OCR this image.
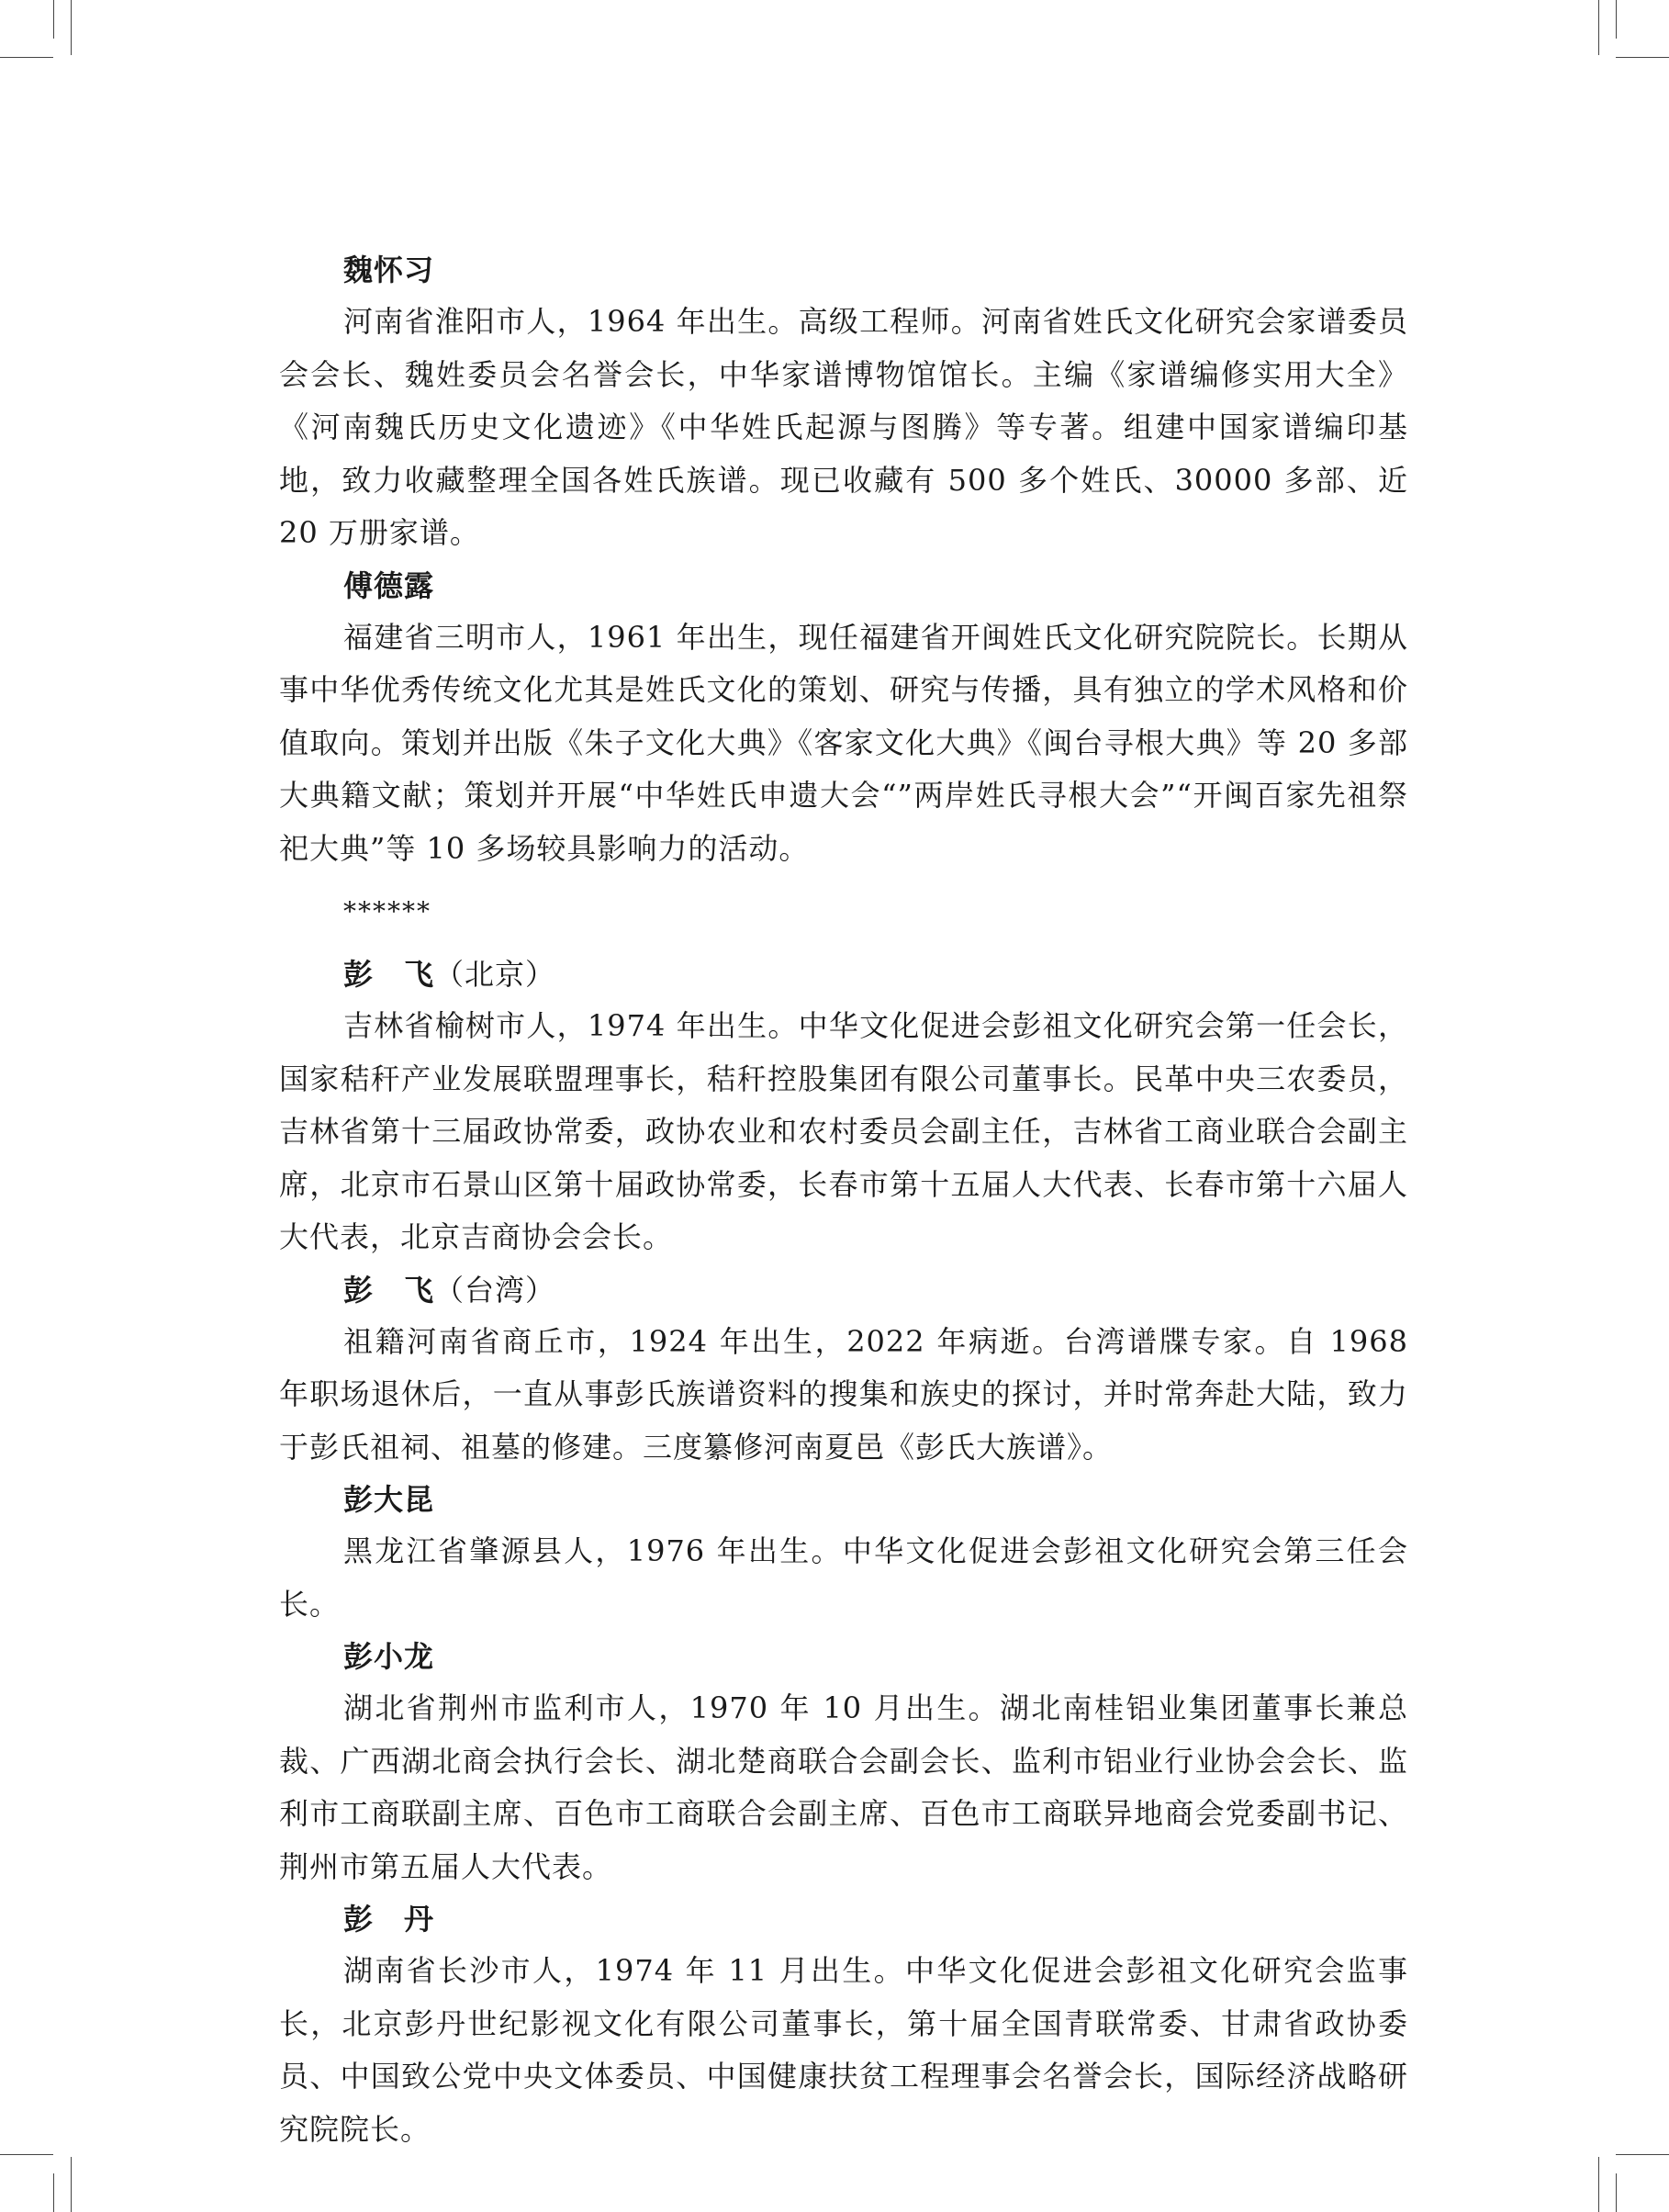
魏怀习

河南省淮阳市人，1964 年出生。高级工程师。河南省姓氏文化研究会家谱委员会会长、魏姓委员会名誉会长，中华家谱博物馆馆长。主编《家谱编修实用大全》《河南魏氏历史文化遗迹》《中华姓氏起源与图腾》等专著。组建中国家谱编印基地，致力收藏整理全国各姓氏族谱。现已收藏有 500 多个姓氏、30000 多部、近 20 万册家谱。

傅德露

福建省三明市人，1961 年出生，现任福建省开闽姓氏文化研究院院长。长期从事中华优秀传统文化尤其是姓氏文化的策划、研究与传播，具有独立的学术风格和价值取向。策划并出版《朱子文化大典》《客家文化大典》《闽台寻根大典》等 20 多部大典籍文献；策划并开展“中华姓氏申遗大会“”两岸姓氏寻根大会”“开闽百家先祖祭祀大典”等 10 多场较具影响力的活动。

******
彭　飞（北京）

吉林省榆树市人，1974 年出生。中华文化促进会彭祖文化研究会第一任会长，国家秸秆产业发展联盟理事长，秸秆控股集团有限公司董事长。民革中央三农委员，吉林省第十三届政协常委，政协农业和农村委员会副主任，吉林省工商业联合会副主席，北京市石景山区第十届政协常委，长春市第十五届人大代表、长春市第十六届人大代表，北京吉商协会会长。

彭　飞（台湾）

祖籍河南省商丘市，1924 年出生，2022 年病逝。台湾谱牒专家。自 1968　年职场退休后，一直从事彭氏族谱资料的搜集和族史的探讨，并时常奔赴大陆，致力于彭氏祖祠、祖墓的修建。三度纂修河南夏邑《彭氏大族谱》。

彭大昆

黑龙江省肇源县人，1976 年出生。中华文化促进会彭祖文化研究会第三任会长。

彭小龙

湖北省荆州市监利市人，1970 年 10 月出生。湖北南桂铝业集团董事长兼总裁、广西湖北商会执行会长、湖北楚商联合会副会长、监利市铝业行业协会会长、监利市工商联副主席、百色市工商联合会副主席、百色市工商联异地商会党委副书记、荆州市第五届人大代表。

彭　丹

湖南省长沙市人，1974 年 11 月出生。中华文化促进会彭祖文化研究会监事长，北京彭丹世纪影视文化有限公司董事长，第十届全国青联常委、甘肃省政协委员、中国致公党中央文体委员、中国健康扶贫工程理事会名誉会长，国际经济战略研究院院长。
